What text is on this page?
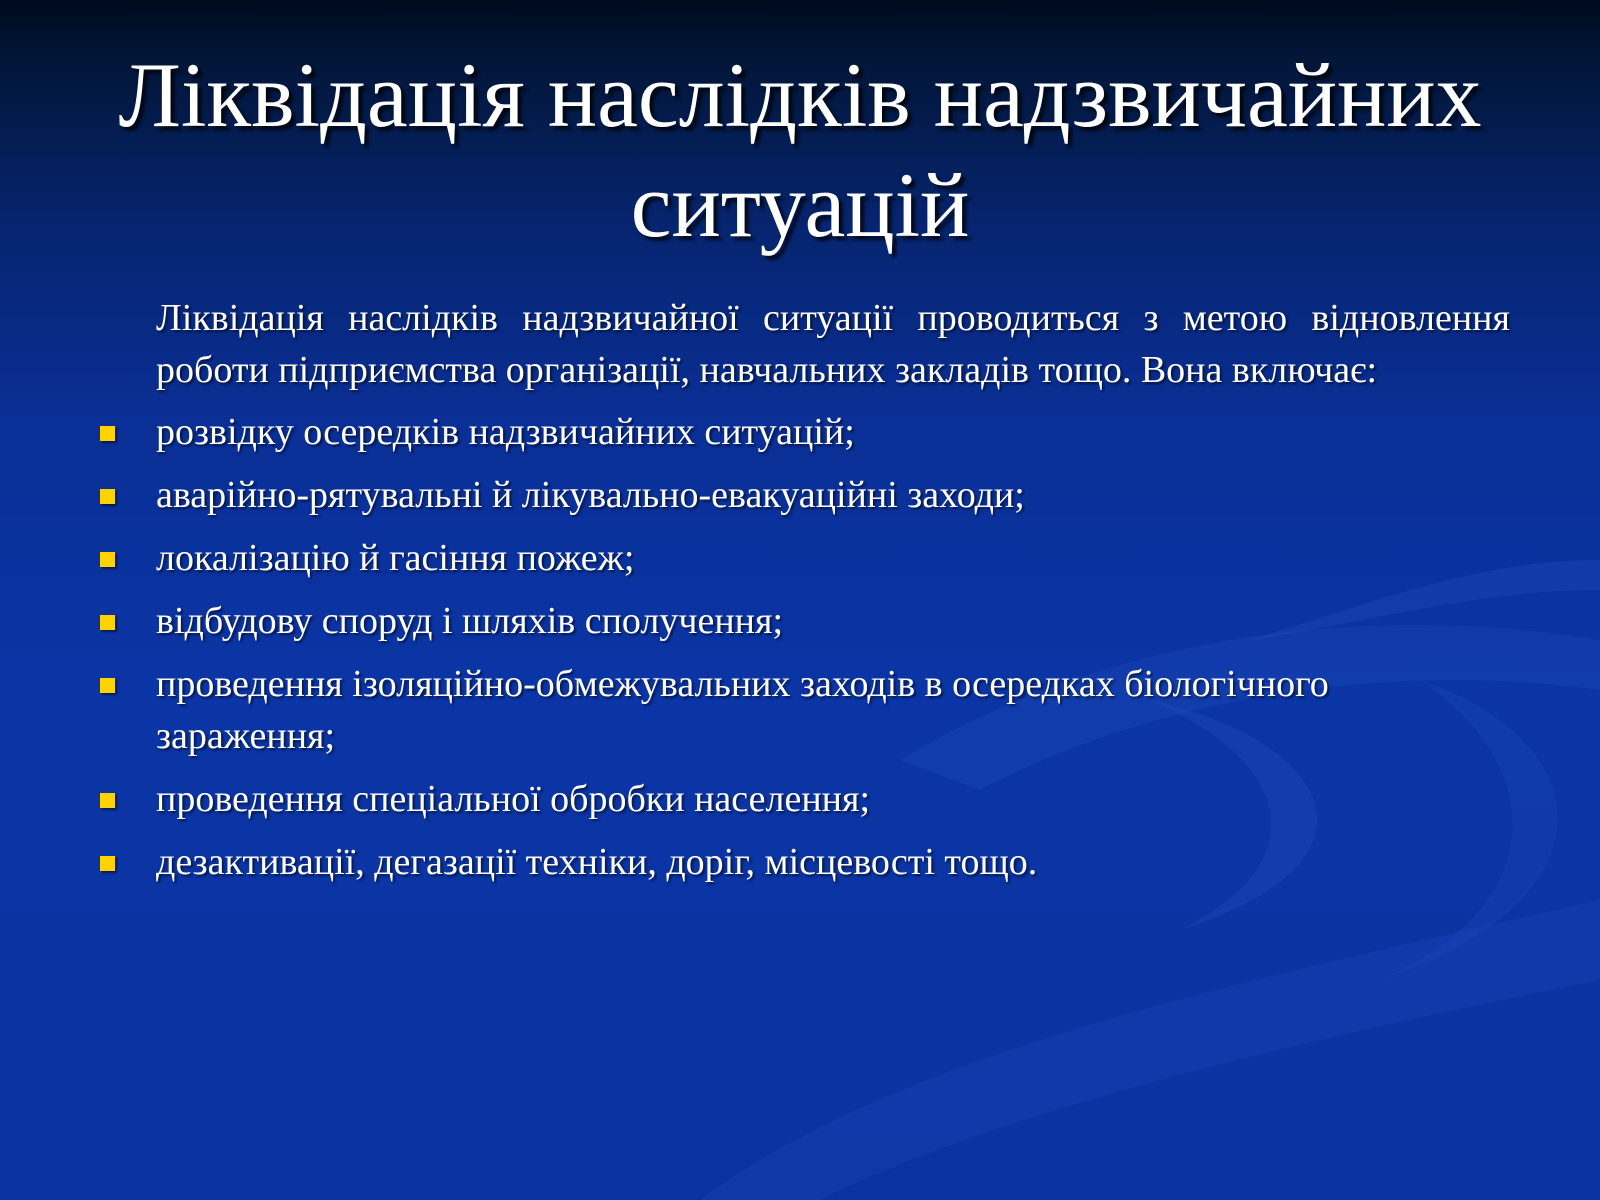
Ліквідація наслідків надзвичайних ситуацій

Ліквідація наслідків надзвичайної ситуації проводиться з метою відновлення роботи підприємства організації, навчальних закладів тощо. Вона включає:

розвідку осередків надзвичайних ситуацій;
аварійно-рятувальні й лікувально-евакуаційні заходи;
локалізацію й гасіння пожеж;
відбудову споруд і шляхів сполучення;
проведення ізоляційно-обмежувальних заходів в осередках біологічного зараження;
проведення спеціальної обробки населення;
дезактивації, дегазації техніки, доріг, місцевості тощо.
